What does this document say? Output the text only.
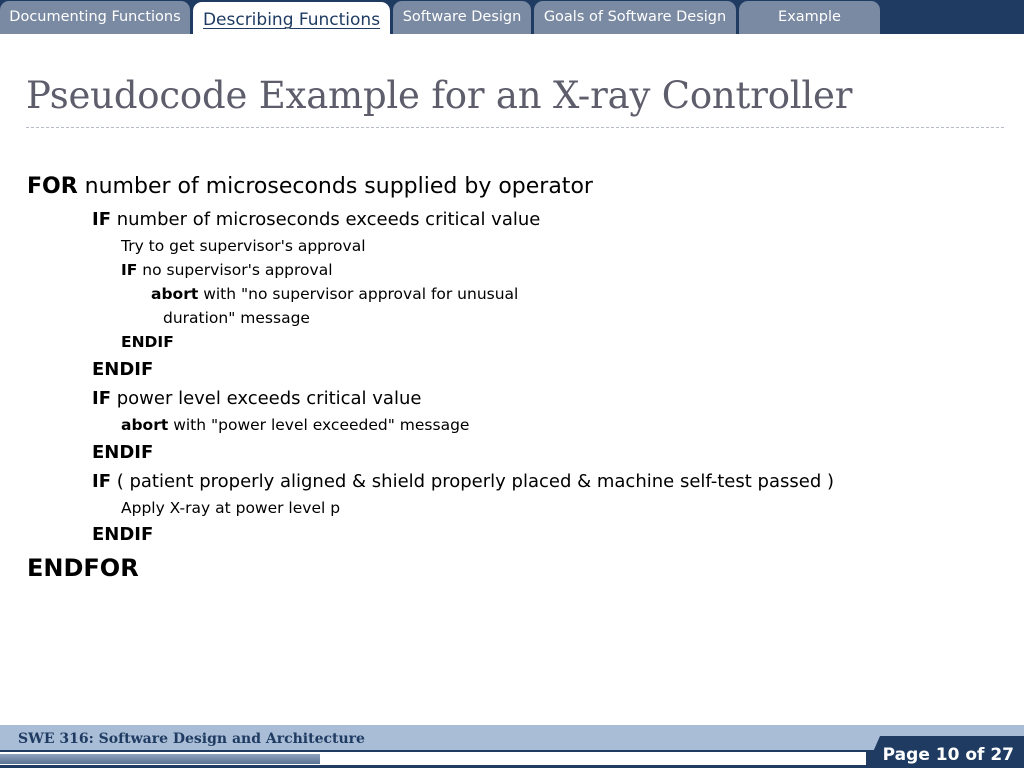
Documenting Functions	Describing Functions	Software Design	Goals of Software Design	Example
Pseudocode Example for an X-ray Controller

FOR number of microseconds supplied by operator

IF number of microseconds exceeds critical value

Try to get supervisor's approval

IF no supervisor's approval

abort with "no supervisor approval for unusual

duration" message

ENDIF

ENDIF

IF power level exceeds critical value

abort with "power level exceeded" message

ENDIF

IF ( patient properly aligned & shield properly placed & machine self-test passed )

Apply X-ray at power level p

ENDIF

ENDFOR

SWE 316: Software Design and Architecture
Page 10 of 27
